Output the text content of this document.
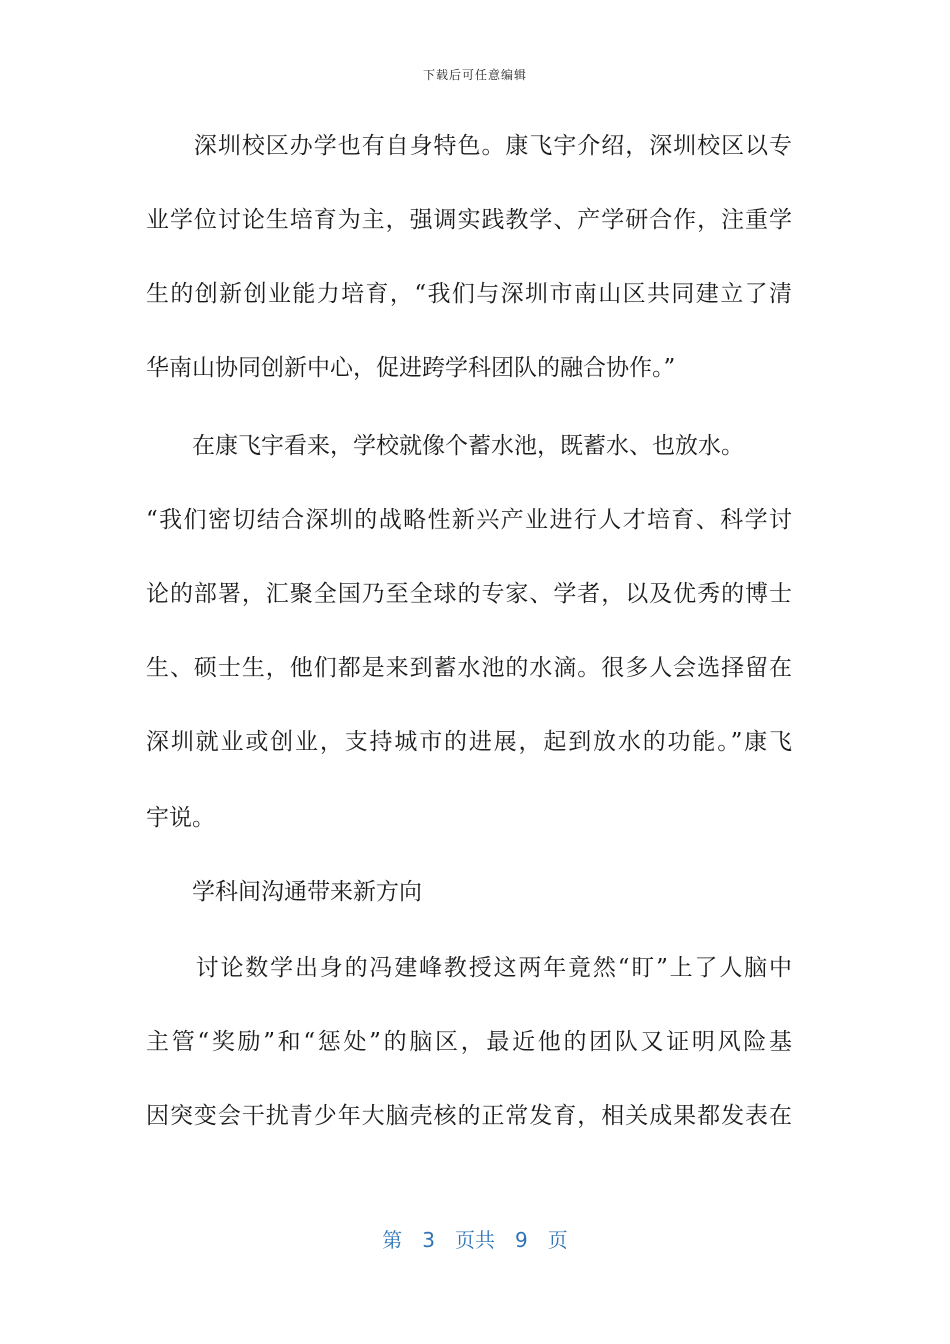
下载后可任意编辑
　　深圳校区办学也有自身特色。康飞宇介绍，深圳校区以专
业学位讨论生培育为主，强调实践教学、产学研合作，注重学
生的创新创业能力培育，“我们与深圳市南山区共同建立了清
华南山协同创新中心，促进跨学科团队的融合协作。”
　　在康飞宇看来，学校就像个蓄水池，既蓄水、也放水。
“我们密切结合深圳的战略性新兴产业进行人才培育、科学讨
论的部署，汇聚全国乃至全球的专家、学者，以及优秀的博士
生、硕士生，他们都是来到蓄水池的水滴。很多人会选择留在
深圳就业或创业，支持城市的进展，起到放水的功能。”康飞
宇说。
　　学科间沟通带来新方向
　　讨论数学出身的冯建峰教授这两年竟然“盯”上了人脑中
主管“奖励”和“惩处”的脑区，最近他的团队又证明风险基
因突变会干扰青少年大脑壳核的正常发育，相关成果都发表在
第　3　页共　9　页
